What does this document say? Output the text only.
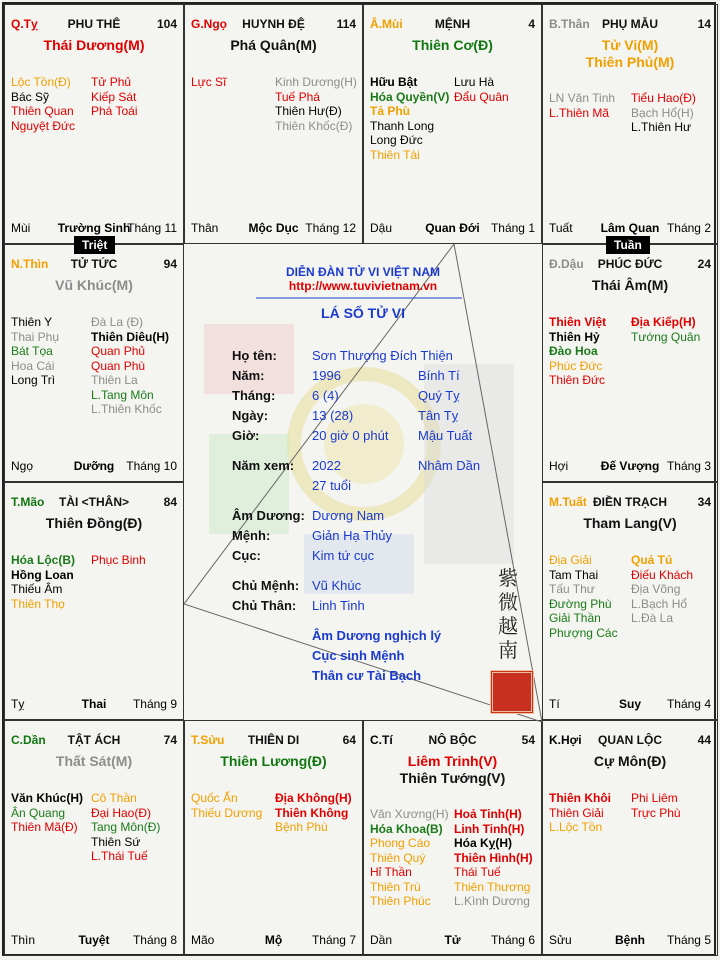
Q.Tỵ	PHU THÊ	104
Thái Dương(M)
Lộc Tồn(Đ)
Bác Sỹ
Thiên Quan
Nguyệt Đức
Tử Phủ
Kiếp Sát
Phá Toái
Mùi	Trường Sinh
Tháng 11
G.Ngọ	HUYNH ĐỆ	114
Phá Quân(M)
Lực Sĩ	Kinh Dương(H)
Tuế Phá
Thiên Hư(Đ)
Thiên Khốc(Đ)
Thân	Mộc Dục Tháng 12
Â.Mùi	MỆNH	4
Thiên Cơ(Đ)
Hữu Bật
Hóa Quyền(V)
Tả Phù
Thanh Long
Long Đức
Thiên Tài
Lưu Hà
Đẩu Quân
Dậu	Quan Đới Tháng 1
B.Thân	PHỤ MẪU	14
Tử Vi(M)
Thiên Phủ(M)
LN Văn Tinh
L.Thiên Mã
Tiểu Hao(Đ)
Bạch Hổ(H)
L.Thiên Hư
Tuất	Lâm Quan Tháng 2
N.Thìn	TỬ TỨC	94
Vũ Khúc(M)
Thiên Y
Thai Phụ
Bát Tọa
Hoa Cái
Long Trì
Đà La (Đ)
Thiên Diêu(H)
Quan Phủ
Quan Phù
Thiên La
L.Tang Môn
L.Thiên Khốc
Ngọ	Dưỡng	Tháng 10
Đ.Dậu	PHÚC ĐỨC	24
Thái Âm(M)
Thiên Việt
Thiên Hỷ
Đào Hoa
Phúc Đức
Thiên Đức
Địa Kiếp(H)
Tướng Quân
Hợi	Đế Vượng Tháng 3
T.Mão	TÀI <THÂN>	84
Thiên Đồng(Đ)
Hóa Lộc(B)
Hồng Loan
Thiếu Âm
Thiên Thọ
Phục Binh
Tỵ	Thai	Tháng 9
M.Tuất ĐIỀN TRẠCH	34
Tham Lang(V)
Địa Giải
Tam Thai
Tấu Thư
Đường Phù
Giải Thần
Phượng Các
Quả Tú
Điếu Khách
Địa Võng
L.Bạch Hổ
L.Đà La
Tí	Suy	Tháng 4
C.Dần	TẬT ÁCH	74
Thất Sát(M)
Văn Khúc(H)
Ân Quang
Thiên Mã(Đ)
Cô Thần
Đại Hao(Đ)
Tang Môn(Đ)
Thiên Sứ
L.Thái Tuế
Thìn	Tuyệt	Tháng 8
T.Sửu	THIÊN DI	64
Thiên Lương(Đ)
Quốc Ấn
Thiếu Dương
Địa Không(H)
Thiên Không
Bệnh Phù
Mão	Mộ	Tháng 7
C.Tí	NÔ BỘC	54
Liêm Trinh(V)
Thiên Tướng(V)
Văn Xương(H)
Hóa Khoa(B)
Phong Cáo
Thiên Quý
Hỉ Thần
Thiên Trù
Thiên Phúc
Hoả Tinh(H)
Linh Tinh(H)
Hóa Kỵ(H)
Thiên Hình(H)
Thái Tuế
Thiên Thương
L.Kình Dương
Dần	Tử	Tháng 6
K.Hợi	QUAN LỘC	44
Cự Môn(Đ)
Thiên Khôi
Thiên Giải
L.Lộc Tồn
Phi Liêm
Trực Phù
Sửu	Bệnh	Tháng 5
DIỄN ĐÀN TỬ VI VIỆT NAM
http://www.tuvivietnam.vn
LÁ SỐ TỬ VI
Họ tên:	Sơn Thượng Đích Thiện
Năm:	1996	Bính Tí
Tháng:	6 (4)	Quý Tỵ
Ngày:	13 (28)	Tân Tỵ
Giờ:	20 giờ 0 phút Mậu Tuất
Năm xem: 2022	Nhâm Dần
27 tuổi
Âm Dương: Dương Nam
Mệnh:	Giản Hạ Thủy
Cục:	Kim tứ cục
Chủ Mệnh: Vũ Khúc
Chủ Thân: Linh Tinh
Âm Dương nghịch lý
Cục sinh Mệnh
Thân cư Tài Bạch
紫
微
越
南
Triệt	Tuần
